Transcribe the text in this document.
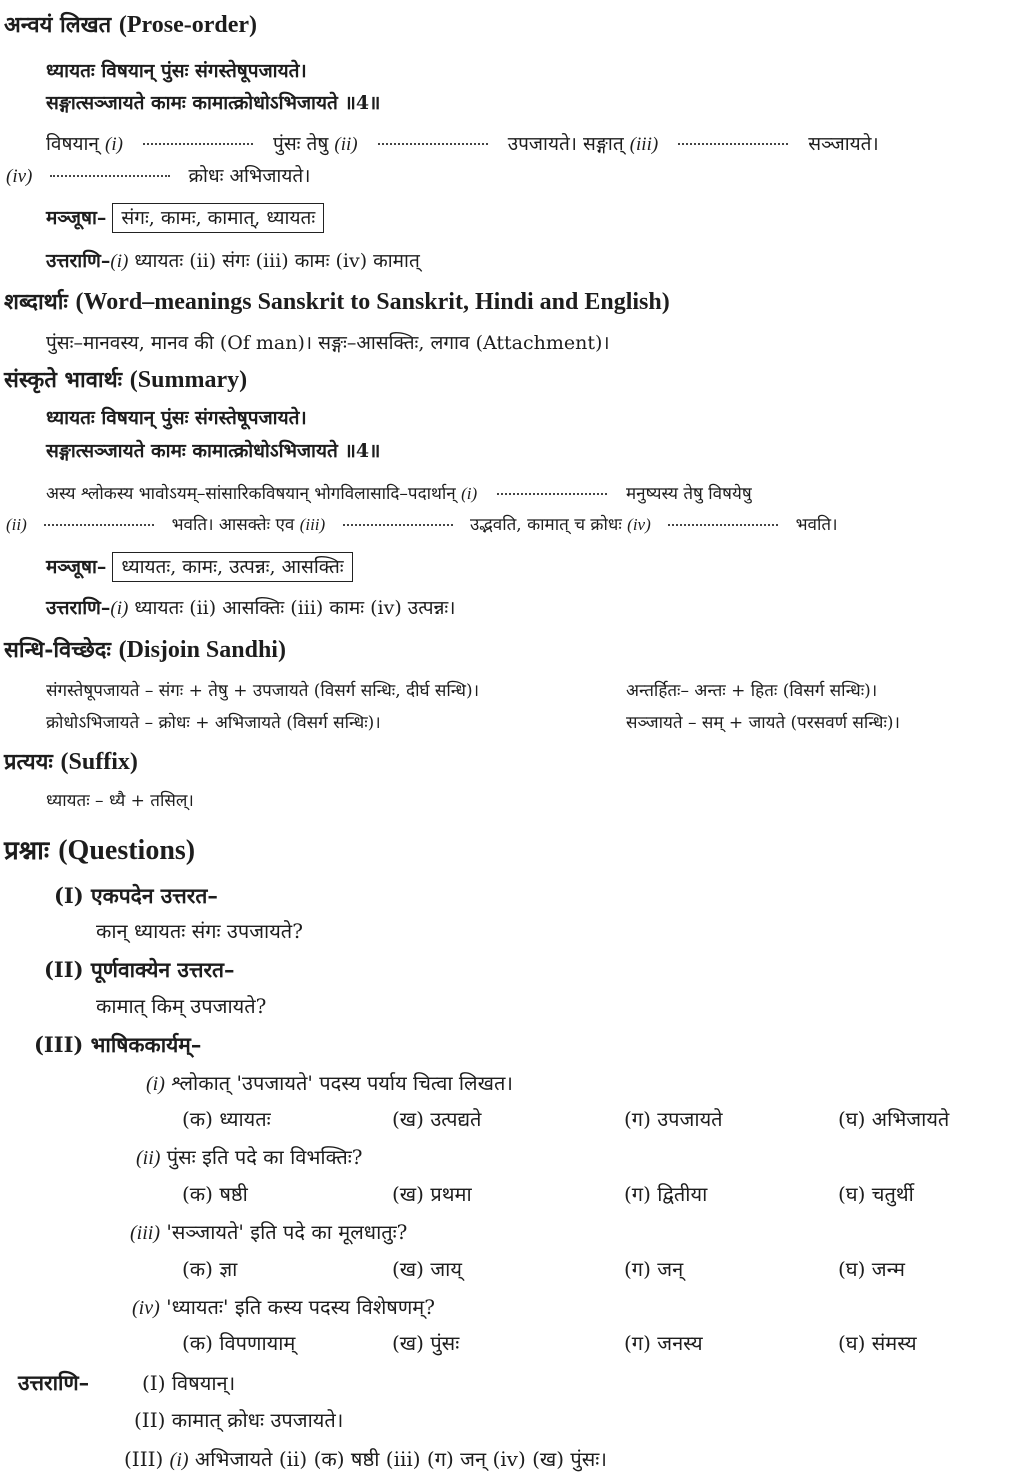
अन्वयं लिखत (Prose-order)
ध्यायतः विषयान् पुंसः संगस्तेषूपजायते।
सङ्गात्सञ्जायते कामः कामात्क्रोधोऽभिजायते ॥4॥
विषयान् (i)	पुंसः तेषु (ii)	उपजायते। सङ्गात् (iii)	सञ्जायते।
(iv)	क्रोधः अभिजायते।
मञ्जूषा– संगः, कामः, कामात्, ध्यायतः
उत्तराणि–(i) ध्यायतः (ii) संगः (iii) कामः (iv) कामात्
शब्दार्थाः (Word–meanings Sanskrit to Sanskrit, Hindi and English)
पुंसः–मानवस्य, मानव की (Of man)। सङ्गः–आसक्तिः, लगाव (Attachment)।
संस्कृते भावार्थः (Summary)
ध्यायतः विषयान् पुंसः संगस्तेषूपजायते।
सङ्गात्सञ्जायते कामः कामात्क्रोधोऽभिजायते ॥4॥
अस्य श्लोकस्य भावोऽयम्–सांसारिकविषयान् भोगविलासादि–पदार्थान् (i)	मनुष्यस्य तेषु विषयेषु
(ii)	भवति। आसक्तेः एव (iii)	उद्भवति, कामात् च क्रोधः (iv)	भवति।
मञ्जूषा– ध्यायतः, कामः, उत्पन्नः, आसक्तिः
उत्तराणि–(i) ध्यायतः (ii) आसक्तिः (iii) कामः (iv) उत्पन्नः।
सन्धि-विच्छेदः (Disjoin Sandhi)
संगस्तेषूपजायते – संगः + तेषु + उपजायते (विसर्ग सन्धिः, दीर्घ सन्धि)।	अन्तर्हितः– अन्तः + हितः (विसर्ग सन्धिः)।
क्रोधोऽभिजायते – क्रोधः + अभिजायते (विसर्ग सन्धिः)।	सञ्जायते – सम् + जायते (परसवर्ण सन्धिः)।
प्रत्ययः (Suffix)
ध्यायतः – ध्यै + तसिल्।
प्रश्नाः (Questions)
(I) एकपदेन उत्तरत–
कान् ध्यायतः संगः उपजायते?
(II) पूर्णवाक्येन उत्तरत–
कामात् किम् उपजायते?
(III) भाषिककार्यम्–
(i) श्लोकात् 'उपजायते' पदस्य पर्याय चित्वा लिखत।
(क) ध्यायतः	(ख) उत्पद्यते	(ग) उपजायते	(घ) अभिजायते
(ii) पुंसः इति पदे का विभक्तिः?
(क) षष्ठी	(ख) प्रथमा	(ग) द्वितीया	(घ) चतुर्थी
(iii) 'सञ्जायते' इति पदे का मूलधातुः?
(क) ज्ञा	(ख) जाय्	(ग) जन्	(घ) जन्म
(iv) 'ध्यायतः' इति कस्य पदस्य विशेषणम्?
(क) विपणायाम्	(ख) पुंसः	(ग) जनस्य	(घ) संमस्य
उत्तराणि–	(I) विषयान्।
(II) कामात् क्रोधः उपजायते।
(III) (i) अभिजायते (ii) (क) षष्ठी (iii) (ग) जन् (iv) (ख) पुंसः।
